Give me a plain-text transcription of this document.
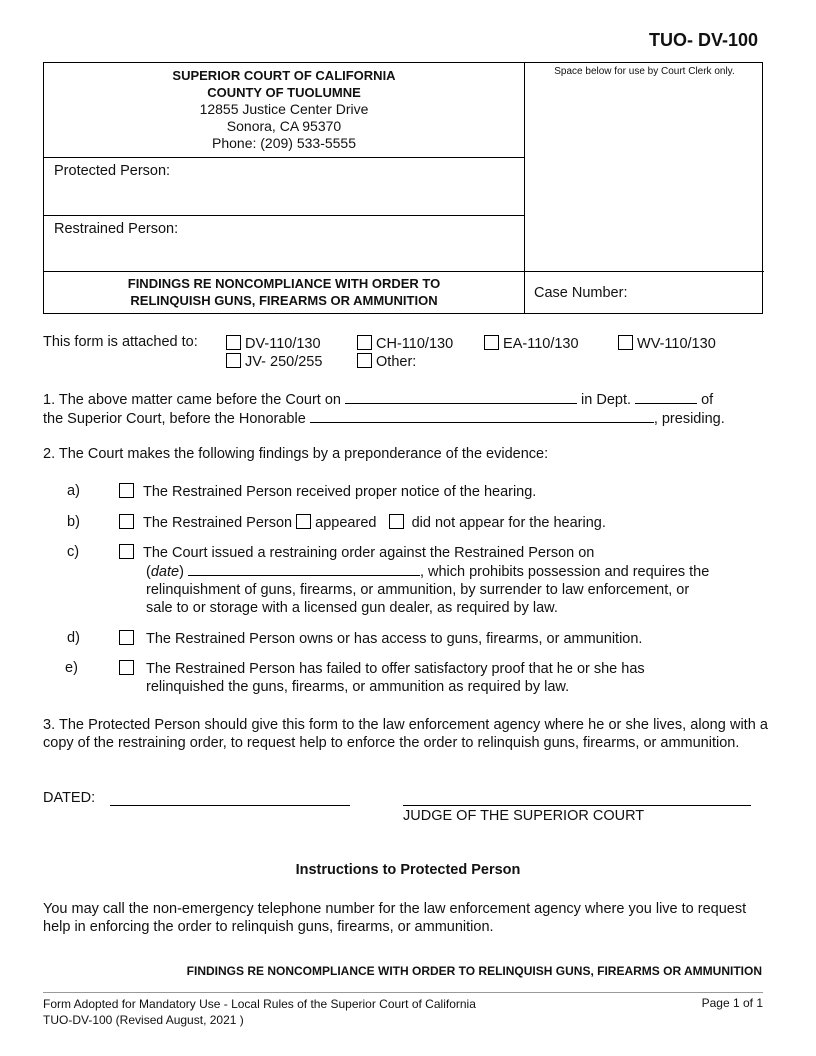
TUO- DV-100
SUPERIOR COURT OF CALIFORNIA
COUNTY OF TUOLUMNE
12855 Justice Center Drive
Sonora, CA 95370
Phone: (209) 533-5555
Space below for use by Court Clerk only.
Protected Person:
Restrained Person:
FINDINGS RE NONCOMPLIANCE WITH ORDER TO
RELINQUISH GUNS, FIREARMS OR AMMUNITION	Case Number:
This form is attached to:	DV-110/130	CH-110/130	EA-110/130	WV-110/130
JV- 250/255	Other:
1. The above matter came before the Court on	in Dept.	of
the Superior Court, before the Honorable	, presiding.
2. The Court makes the following findings by a preponderance of the evidence:
a)	The Restrained Person received proper notice of the hearing.
b)	The Restrained Person appeared did not appear for the hearing.
c)	The Court issued a restraining order against the Restrained Person on
(date)	, which prohibits possession and requires the
relinquishment of guns, firearms, or ammunition, by surrender to law enforcement, or
sale to or storage with a licensed gun dealer, as required by law.
d)	The Restrained Person owns or has access to guns, firearms, or ammunition.
e)	The Restrained Person has failed to offer satisfactory proof that he or she has
relinquished the guns, firearms, or ammunition as required by law.
3. The Protected Person should give this form to the law enforcement agency where he or she lives, along with a copy of the restraining order, to request help to enforce the order to relinquish guns, firearms, or ammunition.
DATED:
JUDGE OF THE SUPERIOR COURT
Instructions to Protected Person
You may call the non-emergency telephone number for the law enforcement agency where you live to request help in enforcing the order to relinquish guns, firearms, or ammunition.
FINDINGS RE NONCOMPLIANCE WITH ORDER TO RELINQUISH GUNS, FIREARMS OR AMMUNITION
Form Adopted for Mandatory Use - Local Rules of the Superior Court of California
TUO-DV-100 (Revised August, 2021 )
Page 1 of 1
